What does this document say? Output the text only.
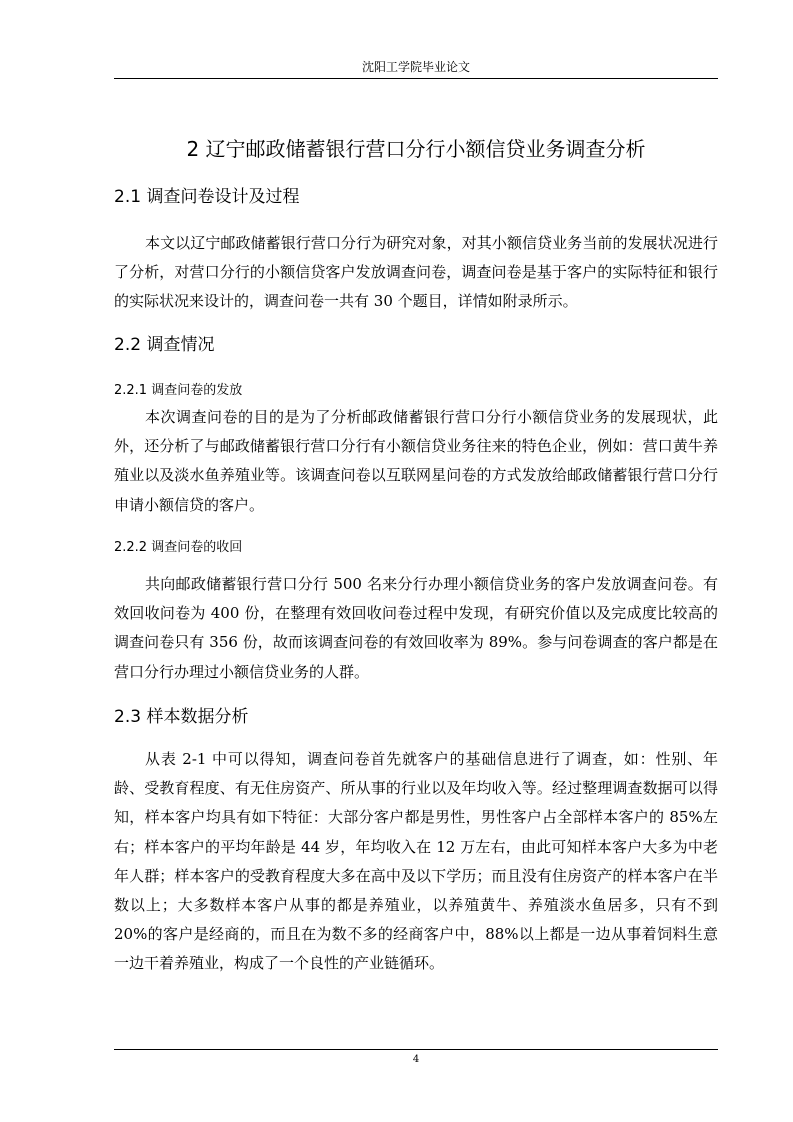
沈阳工学院毕业论文
2 辽宁邮政储蓄银行营口分行小额信贷业务调查分析
2.1 调查问卷设计及过程

本文以辽宁邮政储蓄银行营口分行为研究对象，对其小额信贷业务当前的发展状况进行了分析，对营口分行的小额信贷客户发放调查问卷，调查问卷是基于客户的实际特征和银行的实际状况来设计的，调查问卷一共有 30 个题目，详情如附录所示。

2.2 调查情况
2.2.1 调查问卷的发放

本次调查问卷的目的是为了分析邮政储蓄银行营口分行小额信贷业务的发展现状，此外，还分析了与邮政储蓄银行营口分行有小额信贷业务往来的特色企业，例如：营口黄牛养殖业以及淡水鱼养殖业等。该调查问卷以互联网星问卷的方式发放给邮政储蓄银行营口分行申请小额信贷的客户。

2.2.2 调查问卷的收回

共向邮政储蓄银行营口分行 500 名来分行办理小额信贷业务的客户发放调查问卷。有效回收问卷为 400 份，在整理有效回收问卷过程中发现，有研究价值以及完成度比较高的调查问卷只有 356 份，故而该调查问卷的有效回收率为 89%。参与问卷调查的客户都是在营口分行办理过小额信贷业务的人群。

2.3 样本数据分析

从表 2-1 中可以得知，调查问卷首先就客户的基础信息进行了调查，如：性别、年龄、受教育程度、有无住房资产、所从事的行业以及年均收入等。经过整理调查数据可以得知，样本客户均具有如下特征：大部分客户都是男性，男性客户占全部样本客户的 85%左右；样本客户的平均年龄是 44 岁，年均收入在 12 万左右，由此可知样本客户大多为中老年人群；样本客户的受教育程度大多在高中及以下学历；而且没有住房资产的样本客户在半数以上；大多数样本客户从事的都是养殖业，以养殖黄牛、养殖淡水鱼居多，只有不到 20%的客户是经商的，而且在为数不多的经商客户中，88%以上都是一边从事着饲料生意一边干着养殖业，构成了一个良性的产业链循环。

4
